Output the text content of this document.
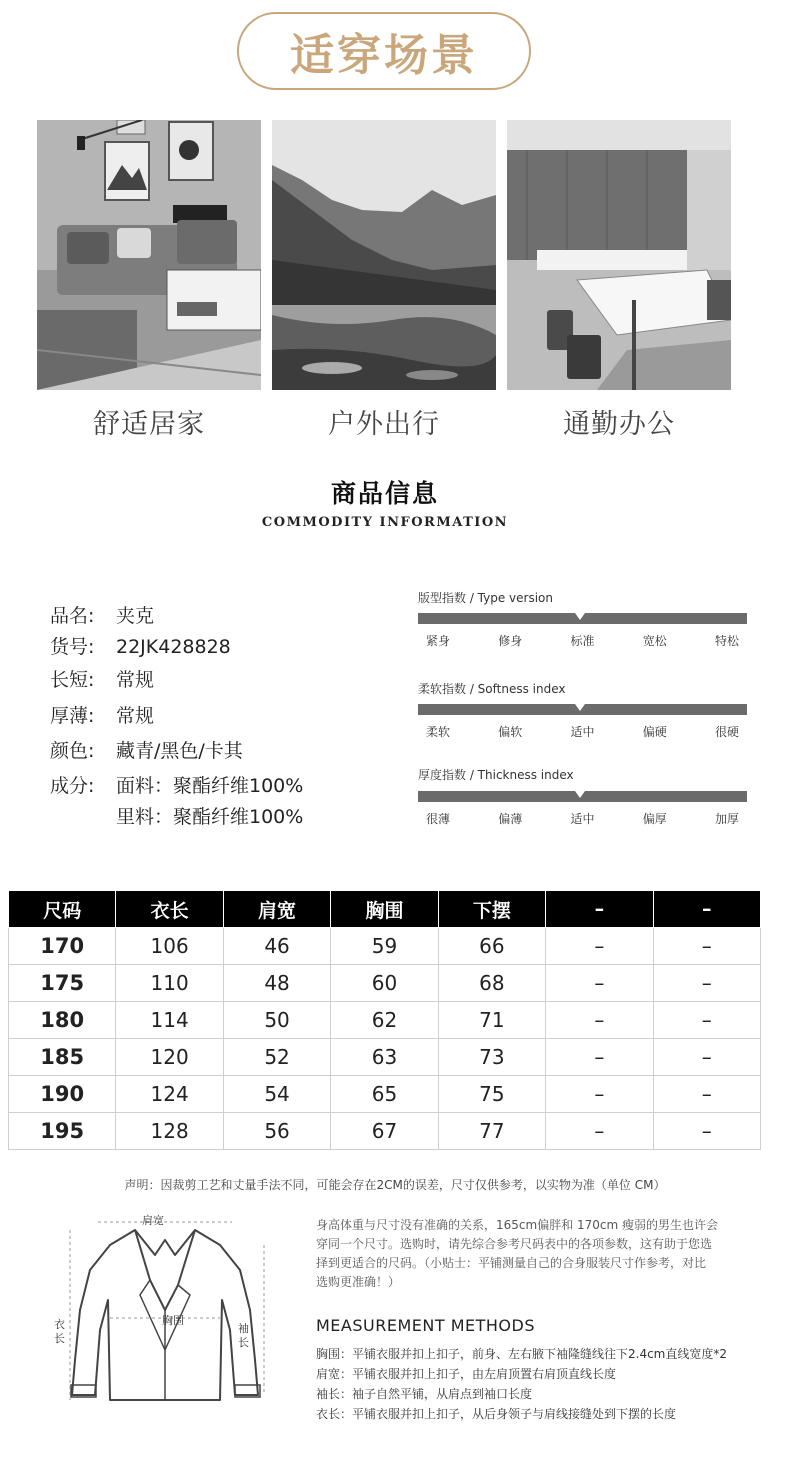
适穿场景
舒适居家	户外出行	通勤办公
商品信息
COMMODITY INFORMATION
品名:	夹克
货号:	22JK428828
长短:	常规
厚薄:	常规
颜色:	藏青/黑色/卡其
成分:	面料：聚酯纤维100%
里料：聚酯纤维100%
版型指数 / Type version
紧身	修身	标准	宽松	特松
柔软指数 / Softness index
柔软	偏软	适中	偏硬	很硬
厚度指数 / Thickness index
很薄	偏薄	适中	偏厚	加厚
尺码	衣长	肩宽	胸围	下摆	–	–
170	106	46	59	66	–	–
175	110	48	60	68	–	–
180	114	50	62	71	–	–
185	120	52	63	73	–	–
190	124	54	65	75	–	–
195	128	56	67	77	–	–
声明：因裁剪工艺和丈量手法不同，可能会存在2CM的误差，尺寸仅供参考，以实物为准（单位 CM）
肩宽
胸围
衣长
袖长
身高体重与尺寸没有准确的关系，165cm偏胖和 170cm 瘦弱的男生也许会
穿同一个尺寸。选购时，请先综合参考尺码表中的各项参数，这有助于您选
择到更适合的尺码。（小贴士：平铺测量自己的合身服装尺寸作参考，对比
选购更准确！）
MEASUREMENT METHODS
胸围：平铺衣服并扣上扣子，前身、左右腋下袖隆缝线往下2.4cm直线宽度*2
肩宽：平铺衣服并扣上扣子，由左肩顶置右肩顶直线长度
袖长：袖子自然平铺，从肩点到袖口长度
衣长：平铺衣服并扣上扣子，从后身领子与肩线接缝处到下摆的长度
